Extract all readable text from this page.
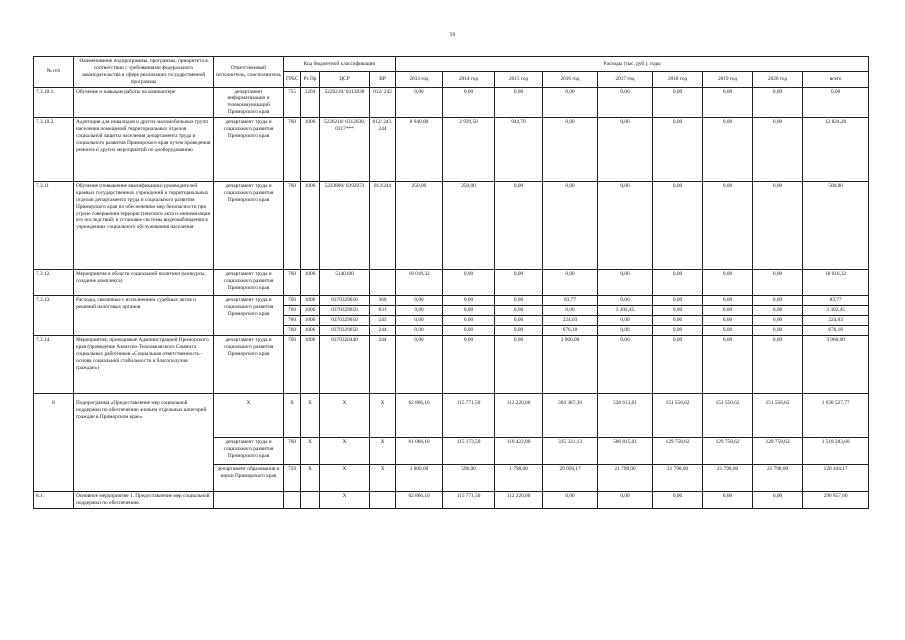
59
№ п/п	Наименование подпрограммы, программы, приоритета в соответствии с требованиями федерального законодательства в сфере реализации государственной программы	Ответственный исполнитель, соисполнитель	Код бюджетной классификации				Расходы (тыс. руб.), годы								
			ГРБС	Рз Пр	ЦСР	ВР	2013 год	2014 год	2015 год	2016 год	2017 год	2018 год	2019 год	2020 год	всего
7.3.10.1.	Обучение и навыкам работы на компьютере	департамент информатизации и телекоммуникаций Приморского края	755	1204	5226210/ 0312038	012/ 242	0,00	0,00	0,00	0,00	0,00	0,00	0,00	0,00	0,00
7.3.10.2.	Адаптация для инвалидов и других маломобильных групп населения помещений территориальных отделов социальной защиты населения департамента труда и социального развития Приморского края путем проведения ремонта и других мероприятий по дооборудованию	департамент труда и социального развития Приморского края	760	1006	5226210/ 0312038, 0317***	012/ 243, 244	8 940,00	2 939,50	944,70	0,00	0,00	0,00	0,00	0,00	12 824,20
7.3.11	Обучение (повышение квалификации) руководителей краевых государственных учреждений и территориальных отделов департамента труда и социального развития Приморского края по обеспечению мер безопасности при угрозе совершения террористического акта и минимизации его последствий; в установке системы видеонаблюдения в учреждениях социального обслуживания населения	департамент труда и социального развития Приморского края	760	1006	5223800/ 0392073	013/244	250,00	250,00	0,00	0,00	0,00	0,00	0,00	0,00	500,00
7.3.12.	Мероприятия в области социальной политики (конкурсы, создание комплекса)	департамент труда и социального развития Приморского края	760	1006	5140100		18 016,32	0,00	0,00	0,00	0,00	0,00	0,00	0,00	18 016,32
7.3.13.	Расходы, связанные с исполнением судебных актов и решений налоговых органов	департамент труда и социального развития Приморского края	760	1006	0370329050	360	0,00	0,00	0,00	83,77	0,00	0,00	0,00	0,00	83,77
			760	1006	0370329050	831	0,00	0,00	0,00	0,00	3 302,45	0,00	0,00	0,00	3 302,45
			760	1006	0370329050	243	0,00	0,00	0,00	224,03	0,00	0,00	0,00	0,00	224,03
			760	1006	0370329050	244	0,00	0,00	0,00	676,18	0,00	0,00	0,00	0,00	676,18
7.3.14.	Мероприятия, проводимые Администрацией Приморского края (проведение Азиатско-Тихоокеанского Саммита социальных работников «Социальная ответственность - основа социальной стабильности и благополучия граждан»)	департамент труда и социального развития Приморского края	760	1006	0370320440	244	0,00	0,00	0,00	3 960,00	0,00	0,00	0,00	0,00	3 960,00
8	Подпрограмма «Предоставление мер социальной поддержки по обеспечению жильем отдельных категорий граждан в Приморском крае»	X	X	X	X	X	62 866,10	115 771,50	112 220,00	364 387,30	528 613,01	151 556,62	151 556,62	151 556,62	1 638 527,77
		департамент труда и социального развития Приморского края	760	X	X	X	61 066,10	115 173,50	110 422,00	335 331,13	506 815,01	129 758,62	129 758,62	129 758,62	1 518 283,60
		департамент образования и науки Приморского края	759	X	X	X	1 800,00	598,00	1 798,00	29 056,17	21 798,00	21 798,00	21 798,00	21 798,00	120 444,17
8.1.	Основное мероприятие 1. Предоставление мер социальной поддержки по обеспечению				X		62 866,10	115 771,50	112 220,00	0,00	0,00	0,00	0,00	0,00	290 857,60
